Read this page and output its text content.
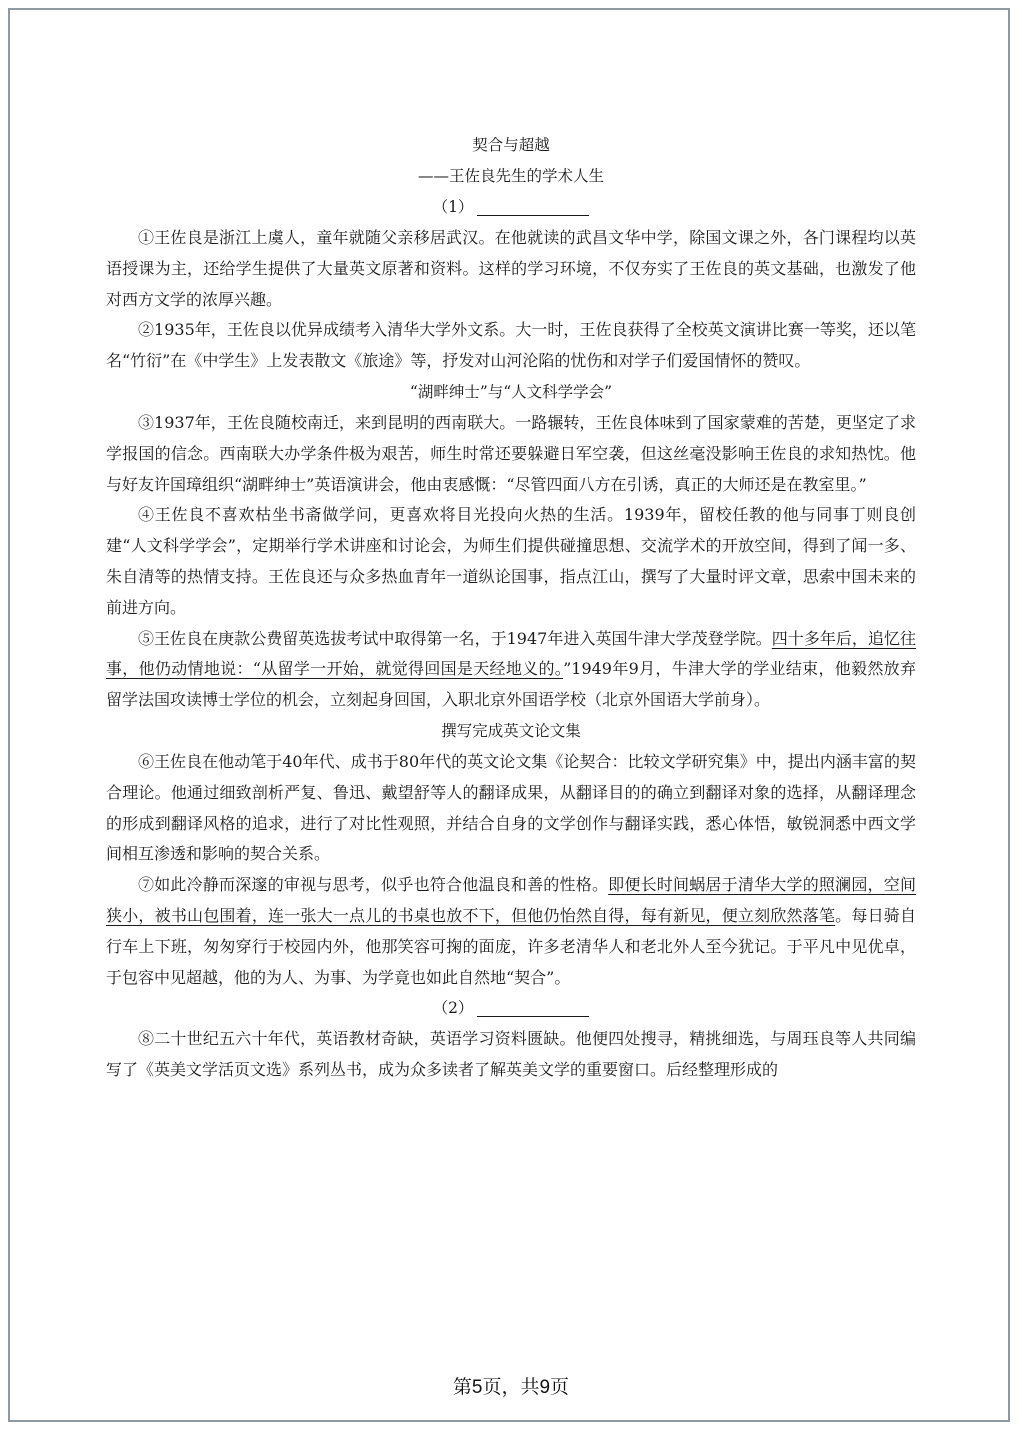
契合与超越

——王佐良先生的学术人生

（1）

①王佐良是浙江上虞人，童年就随父亲移居武汉。在他就读的武昌文华中学，除国文课之外，各门课程均以英语授课为主，还给学生提供了大量英文原著和资料。这样的学习环境，不仅夯实了王佐良的英文基础，也激发了他对西方文学的浓厚兴趣。

②1935年，王佐良以优异成绩考入清华大学外文系。大一时，王佐良获得了全校英文演讲比赛一等奖，还以笔名“竹衍”在《中学生》上发表散文《旅途》等，抒发对山河沦陷的忧伤和对学子们爱国情怀的赞叹。

“湖畔绅士”与“人文科学学会”

③1937年，王佐良随校南迁，来到昆明的西南联大。一路辗转，王佐良体味到了国家蒙难的苦楚，更坚定了求学报国的信念。西南联大办学条件极为艰苦，师生时常还要躲避日军空袭，但这丝毫没影响王佐良的求知热忱。他与好友许国璋组织“湖畔绅士”英语演讲会，他由衷感慨：“尽管四面八方在引诱，真正的大师还是在教室里。”

④王佐良不喜欢枯坐书斋做学问，更喜欢将目光投向火热的生活。1939年，留校任教的他与同事丁则良创建“人文科学学会”，定期举行学术讲座和讨论会，为师生们提供碰撞思想、交流学术的开放空间，得到了闻一多、朱自清等的热情支持。王佐良还与众多热血青年一道纵论国事，指点江山，撰写了大量时评文章，思索中国未来的前进方向。

⑤王佐良在庚款公费留英选拔考试中取得第一名，于1947年进入英国牛津大学茂登学院。四十多年后，追忆往事，他仍动情地说：“从留学一开始，就觉得回国是天经地义的。”1949年9月，牛津大学的学业结束，他毅然放弃留学法国攻读博士学位的机会，立刻起身回国，入职北京外国语学校（北京外国语大学前身）。

撰写完成英文论文集

⑥王佐良在他动笔于40年代、成书于80年代的英文论文集《论契合：比较文学研究集》中，提出内涵丰富的契合理论。他通过细致剖析严复、鲁迅、戴望舒等人的翻译成果，从翻译目的的确立到翻译对象的选择，从翻译理念的形成到翻译风格的追求，进行了对比性观照，并结合自身的文学创作与翻译实践，悉心体悟，敏锐洞悉中西文学间相互渗透和影响的契合关系。

⑦如此冷静而深邃的审视与思考，似乎也符合他温良和善的性格。即便长时间蜗居于清华大学的照澜园，空间狭小，被书山包围着，连一张大一点儿的书桌也放不下，但他仍怡然自得，每有新见，便立刻欣然落笔。每日骑自行车上下班，匆匆穿行于校园内外，他那笑容可掬的面庞，许多老清华人和老北外人至今犹记。于平凡中见优卓，于包容中见超越，他的为人、为事、为学竟也如此自然地“契合”。

（2）

⑧二十世纪五六十年代，英语教材奇缺，英语学习资料匮缺。他便四处搜寻，精挑细选，与周珏良等人共同编写了《英美文学活页文选》系列丛书，成为众多读者了解英美文学的重要窗口。后经整理形成的

第5页，共9页
